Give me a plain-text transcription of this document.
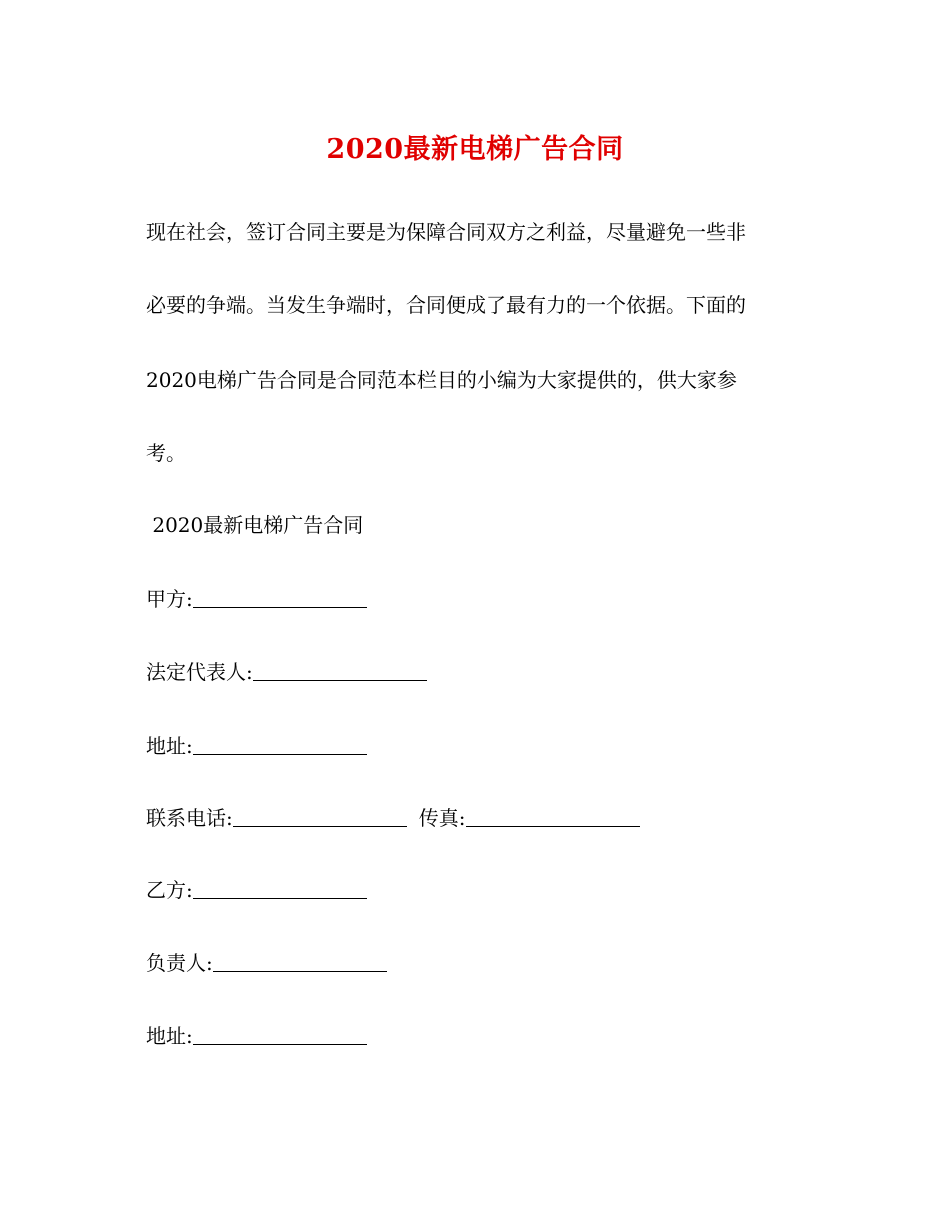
2020最新电梯广告合同
现在社会，签订合同主要是为保障合同双方之利益，尽量避免一些非
必要的争端。当发生争端时，合同便成了最有力的一个依据。下面的
2020电梯广告合同是合同范本栏目的小编为大家提供的，供大家参
考。
2020最新电梯广告合同
甲方:
法定代表人:
地址:
联系电话:	传真:
乙方:
负责人:
地址:
